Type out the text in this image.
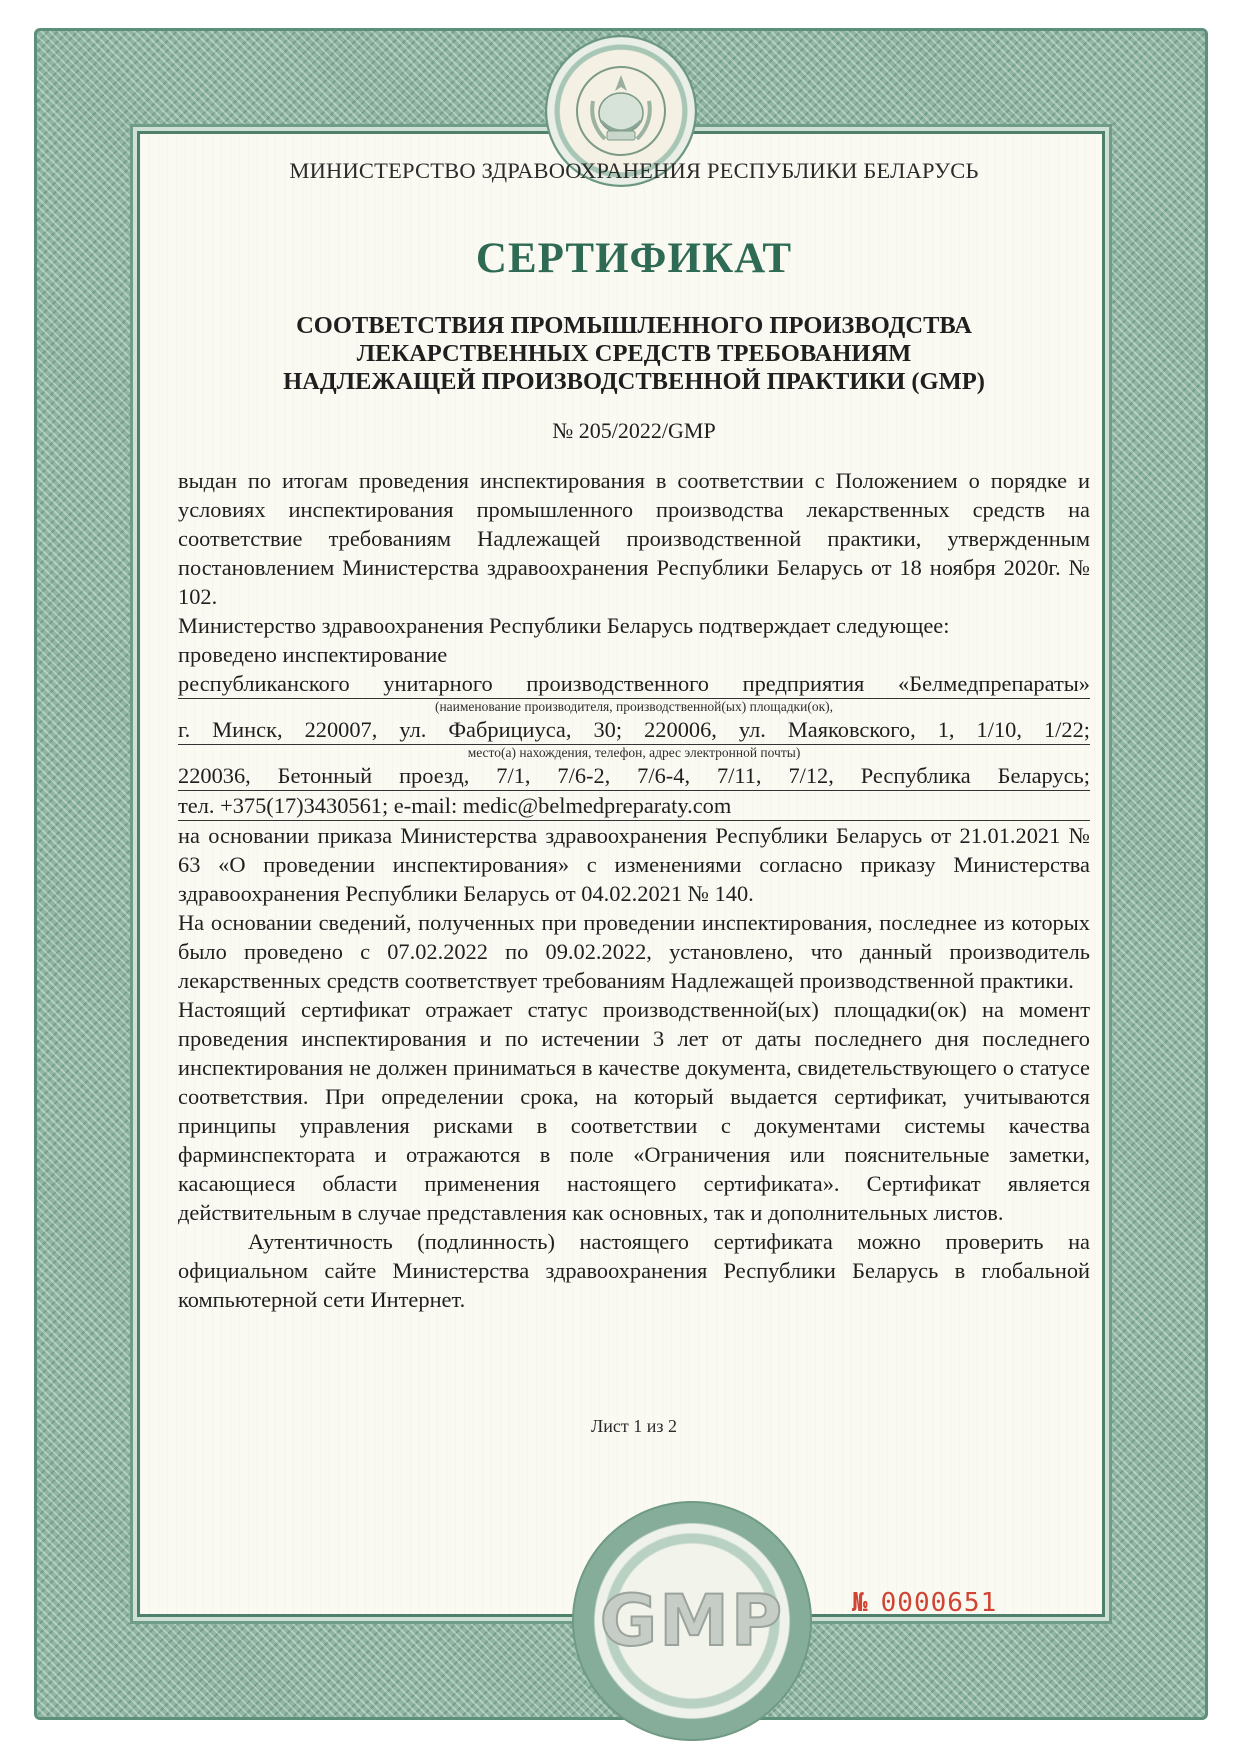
GMP
МИНИСТЕРСТВО ЗДРАВООХРАНЕНИЯ РЕСПУБЛИКИ БЕЛАРУСЬ
СЕРТИФИКАТ
СООТВЕТСТВИЯ ПРОМЫШЛЕННОГО ПРОИЗВОДСТВА
ЛЕКАРСТВЕННЫХ СРЕДСТВ ТРЕБОВАНИЯМ
НАДЛЕЖАЩЕЙ ПРОИЗВОДСТВЕННОЙ ПРАКТИКИ (GMP)
№ 205/2022/GMP

выдан по итогам проведения инспектирования в соответствии с Положением о порядке и условиях инспектирования промышленного производства лекарственных средств на соответствие требованиям Надлежащей производственной практики, утвержденным постановлением Министерства здравоохранения Республики Беларусь от 18 ноября 2020г. № 102.

Министерство здравоохранения Республики Беларусь подтверждает следующее:

проведено инспектирование

республиканского унитарного производственного предприятия «Белмедпрепараты»
(наименование производителя, производственной(ых) площадки(ок),
г. Минск, 220007, ул. Фабрициуса, 30; 220006, ул. Маяковского, 1, 1/10, 1/22;
место(а) нахождения, телефон, адрес электронной почты)
220036, Бетонный проезд, 7/1, 7/6-2, 7/6-4, 7/11, 7/12, Республика Беларусь;
тел. +375(17)3430561; e-mail: medic@belmedpreparaty.com

на основании приказа Министерства здравоохранения Республики Беларусь от 21.01.2021 № 63 «О проведении инспектирования» с изменениями согласно приказу Министерства здравоохранения Республики Беларусь от 04.02.2021 № 140.

На основании сведений, полученных при проведении инспектирования, последнее из которых было проведено с 07.02.2022 по 09.02.2022, установлено, что данный производитель лекарственных средств соответствует требованиям Надлежащей производственной практики.

Настоящий сертификат отражает статус производственной(ых) площадки(ок) на момент проведения инспектирования и по истечении 3 лет от даты последнего дня последнего инспектирования не должен приниматься в качестве документа, свидетельствующего о статусе соответствия. При определении срока, на который выдается сертификат, учитываются принципы управления рисками в соответствии с документами системы качества фарминспектората и отражаются в поле «Ограничения или пояснительные заметки, касающиеся области применения настоящего сертификата». Сертификат является действительным в случае представления как основных, так и дополнительных листов.

Аутентичность (подлинность) настоящего сертификата можно проверить на официальном сайте Министерства здравоохранения Республики Беларусь в глобальной компьютерной сети Интернет.

Лист 1 из 2
№ 0000651
